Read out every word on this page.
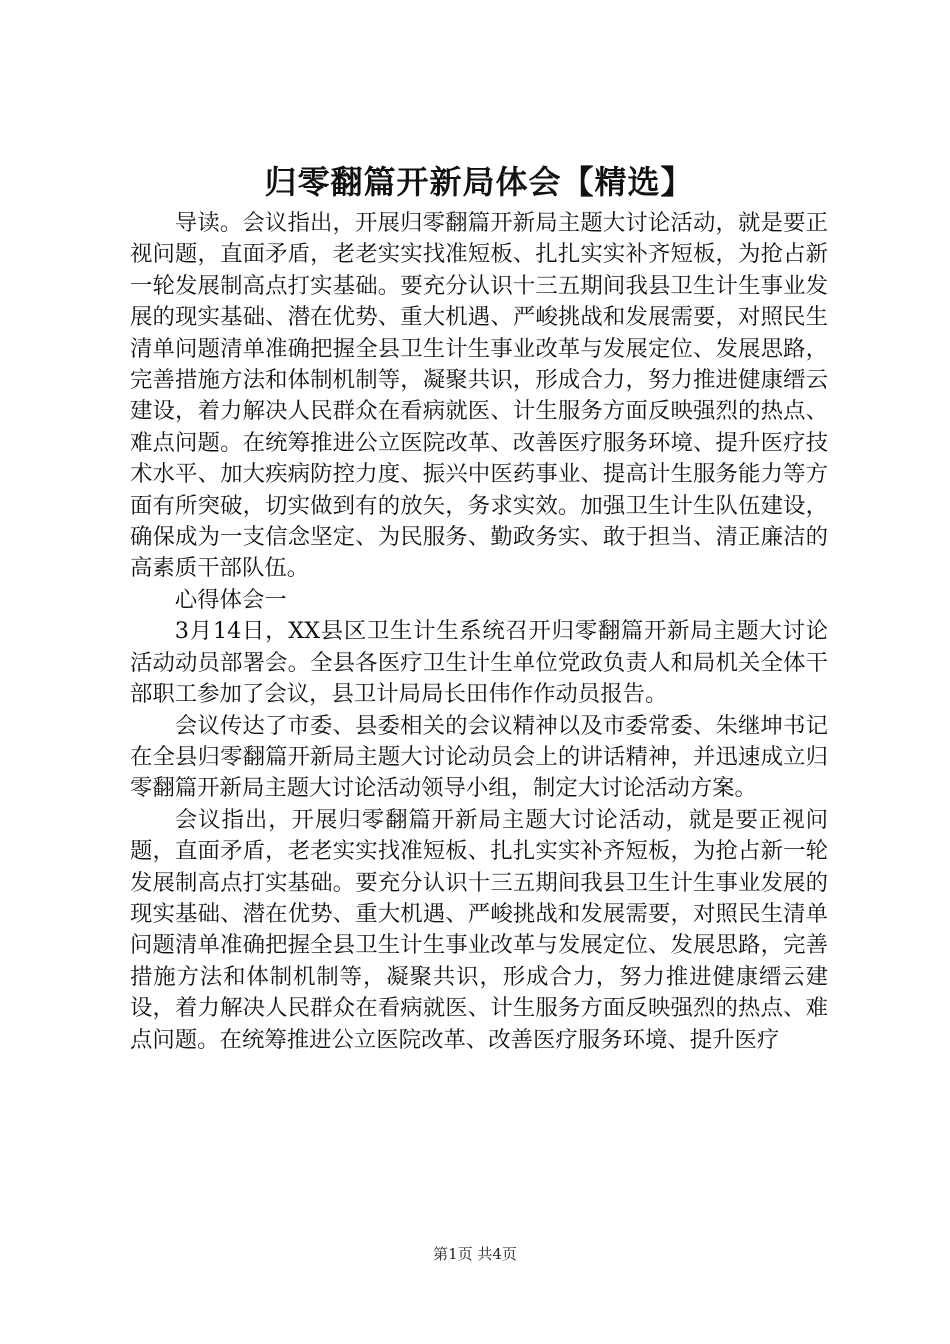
归零翻篇开新局体会【精选】

导读。会议指出，开展归零翻篇开新局主题大讨论活动，就是要正视问题，直面矛盾，老老实实找准短板、扎扎实实补齐短板，为抢占新一轮发展制高点打实基础。要充分认识十三五期间我县卫生计生事业发展的现实基础、潜在优势、重大机遇、严峻挑战和发展需要，对照民生清单问题清单准确把握全县卫生计生事业改革与发展定位、发展思路，完善措施方法和体制机制等，凝聚共识，形成合力，努力推进健康缙云建设，着力解决人民群众在看病就医、计生服务方面反映强烈的热点、难点问题。在统筹推进公立医院改革、改善医疗服务环境、提升医疗技术水平、加大疾病防控力度、振兴中医药事业、提高计生服务能力等方面有所突破，切实做到有的放矢，务求实效。加强卫生计生队伍建设，确保成为一支信念坚定、为民服务、勤政务实、敢于担当、清正廉洁的高素质干部队伍。

心得体会一

3月14日，XX县区卫生计生系统召开归零翻篇开新局主题大讨论活动动员部署会。全县各医疗卫生计生单位党政负责人和局机关全体干部职工参加了会议，县卫计局局长田伟作作动员报告。

会议传达了市委、县委相关的会议精神以及市委常委、朱继坤书记在全县归零翻篇开新局主题大讨论动员会上的讲话精神，并迅速成立归零翻篇开新局主题大讨论活动领导小组，制定大讨论活动方案。

会议指出，开展归零翻篇开新局主题大讨论活动，就是要正视问题，直面矛盾，老老实实找准短板、扎扎实实补齐短板，为抢占新一轮发展制高点打实基础。要充分认识十三五期间我县卫生计生事业发展的现实基础、潜在优势、重大机遇、严峻挑战和发展需要，对照民生清单问题清单准确把握全县卫生计生事业改革与发展定位、发展思路，完善措施方法和体制机制等，凝聚共识，形成合力，努力推进健康缙云建设，着力解决人民群众在看病就医、计生服务方面反映强烈的热点、难点问题。在统筹推进公立医院改革、改善医疗服务环境、提升医疗

第1页 共4页
